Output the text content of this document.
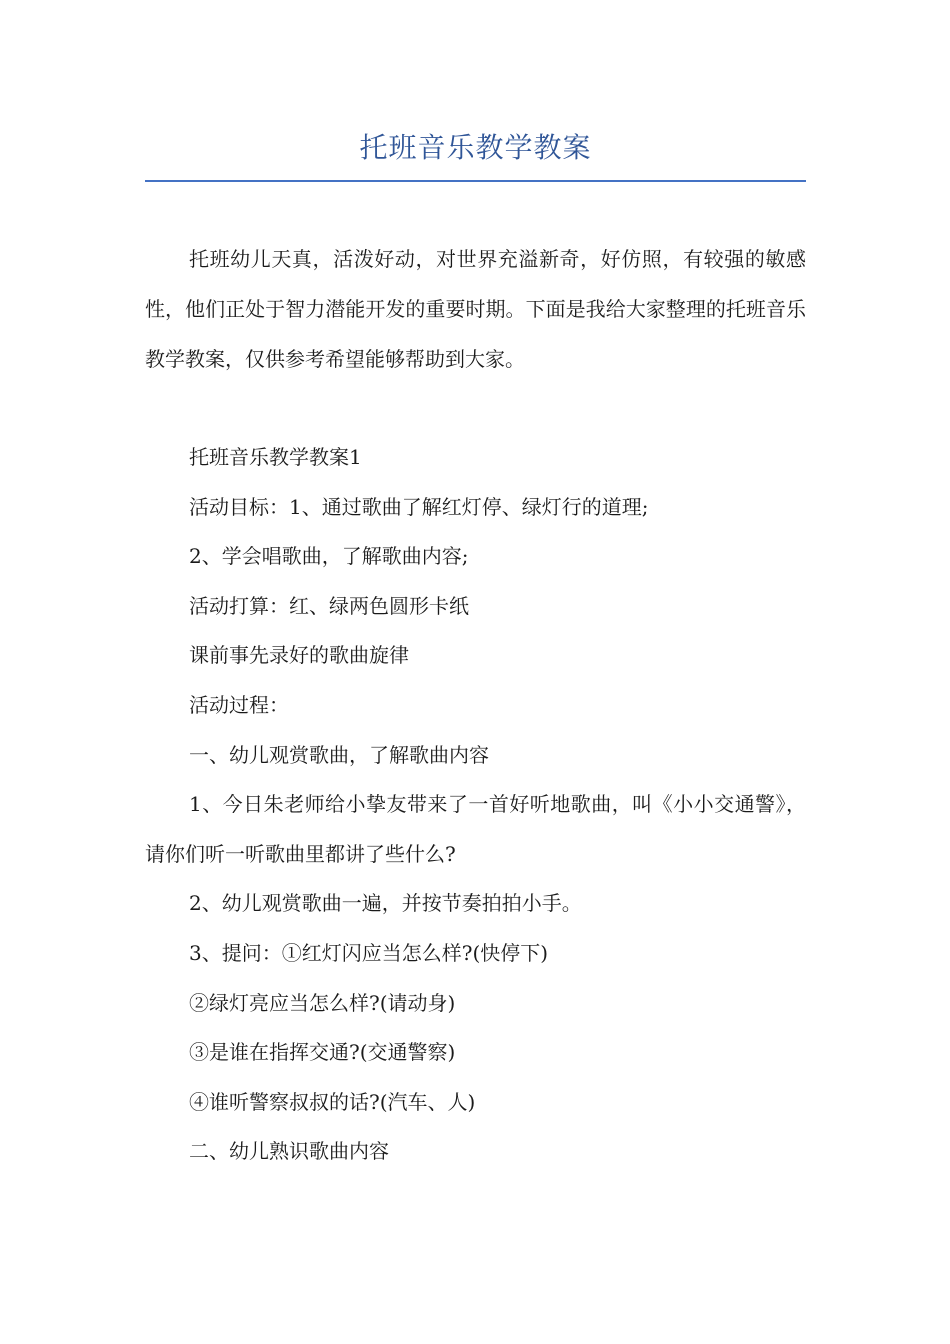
托班音乐教学教案

托班幼儿天真，活泼好动，对世界充溢新奇，好仿照，有较强的敏感性，他们正处于智力潜能开发的重要时期。下面是我给大家整理的托班音乐教学教案，仅供参考希望能够帮助到大家。

托班音乐教学教案1

活动目标：1、通过歌曲了解红灯停、绿灯行的道理;

2、学会唱歌曲，了解歌曲内容;

活动打算：红、绿两色圆形卡纸

课前事先录好的歌曲旋律

活动过程：

一、幼儿观赏歌曲，了解歌曲内容

1、今日朱老师给小挚友带来了一首好听地歌曲，叫《小小交通警》，请你们听一听歌曲里都讲了些什么?

2、幼儿观赏歌曲一遍，并按节奏拍拍小手。

3、提问：①红灯闪应当怎么样?(快停下)

②绿灯亮应当怎么样?(请动身)

③是谁在指挥交通?(交通警察)

④谁听警察叔叔的话?(汽车、人)

二、幼儿熟识歌曲内容
